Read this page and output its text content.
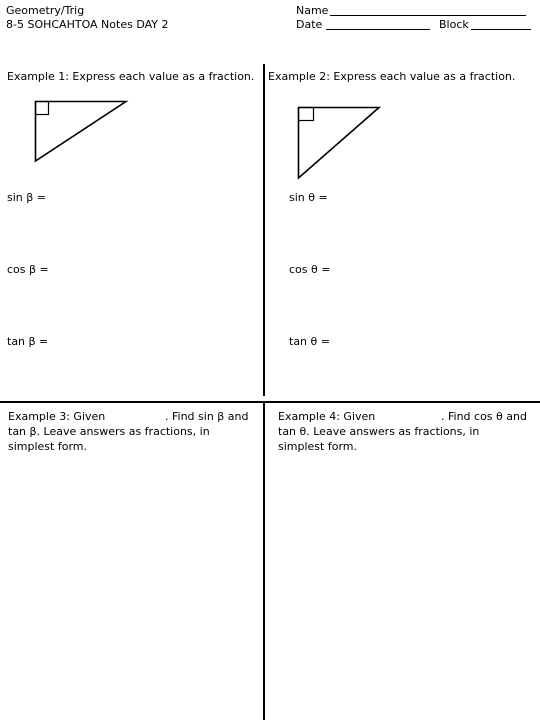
Geometry/Trig
8-5 SOHCAHTOA Notes DAY 2
Name
Date	Block
Example 1: Express each value as a fraction.
sin β =
cos β =
tan β =
Example 2: Express each value as a fraction.
sin θ =
cos θ =
tan θ =
Example 3: Given	. Find sin β and
tan β. Leave answers as fractions, in
simplest form.
Example 4: Given	. Find cos θ and
tan θ. Leave answers as fractions, in
simplest form.
